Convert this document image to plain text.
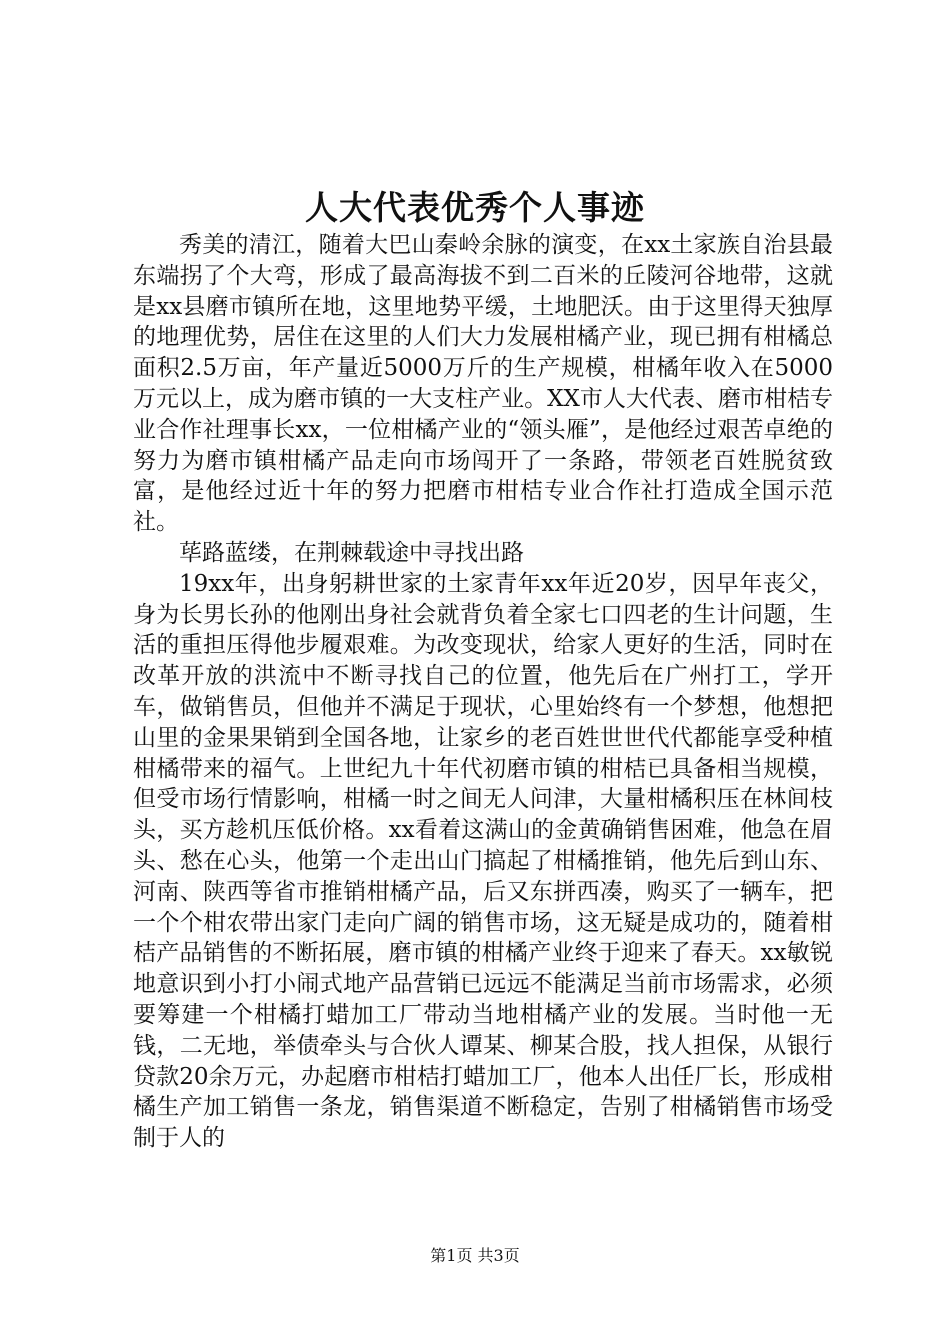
人大代表优秀个人事迹

秀美的清江，随着大巴山秦岭余脉的演变，在xx土家族自治县最东端拐了个大弯，形成了最高海拔不到二百米的丘陵河谷地带，这就是xx县磨市镇所在地，这里地势平缓，土地肥沃。由于这里得天独厚的地理优势，居住在这里的人们大力发展柑橘产业，现已拥有柑橘总面积2.5万亩，年产量近5000万斤的生产规模，柑橘年收入在5000万元以上，成为磨市镇的一大支柱产业。XX市人大代表、磨市柑桔专业合作社理事长xx，一位柑橘产业的“领头雁”，是他经过艰苦卓绝的努力为磨市镇柑橘产品走向市场闯开了一条路，带领老百姓脱贫致富，是他经过近十年的努力把磨市柑桔专业合作社打造成全国示范社。

荜路蓝缕，在荆棘载途中寻找出路

19xx年，出身躬耕世家的土家青年xx年近20岁，因早年丧父，身为长男长孙的他刚出身社会就背负着全家七口四老的生计问题，生活的重担压得他步履艰难。为改变现状，给家人更好的生活，同时在改革开放的洪流中不断寻找自己的位置，他先后在广州打工，学开车，做销售员，但他并不满足于现状，心里始终有一个梦想，他想把山里的金果果销到全国各地，让家乡的老百姓世世代代都能享受种植柑橘带来的福气。上世纪九十年代初磨市镇的柑桔已具备相当规模，但受市场行情影响，柑橘一时之间无人问津，大量柑橘积压在林间枝头，买方趁机压低价格。xx看着这满山的金黄确销售困难，他急在眉头、愁在心头，他第一个走出山门搞起了柑橘推销，他先后到山东、河南、陕西等省市推销柑橘产品，后又东拼西凑，购买了一辆车，把一个个柑农带出家门走向广阔的销售市场，这无疑是成功的，随着柑桔产品销售的不断拓展，磨市镇的柑橘产业终于迎来了春天。xx敏锐地意识到小打小闹式地产品营销已远远不能满足当前市场需求，必须要筹建一个柑橘打蜡加工厂带动当地柑橘产业的发展。当时他一无钱，二无地，举债牵头与合伙人谭某、柳某合股，找人担保，从银行贷款20余万元，办起磨市柑桔打蜡加工厂，他本人出任厂长，形成柑橘生产加工销售一条龙，销售渠道不断稳定，告别了柑橘销售市场受制于人的

第1页 共3页
